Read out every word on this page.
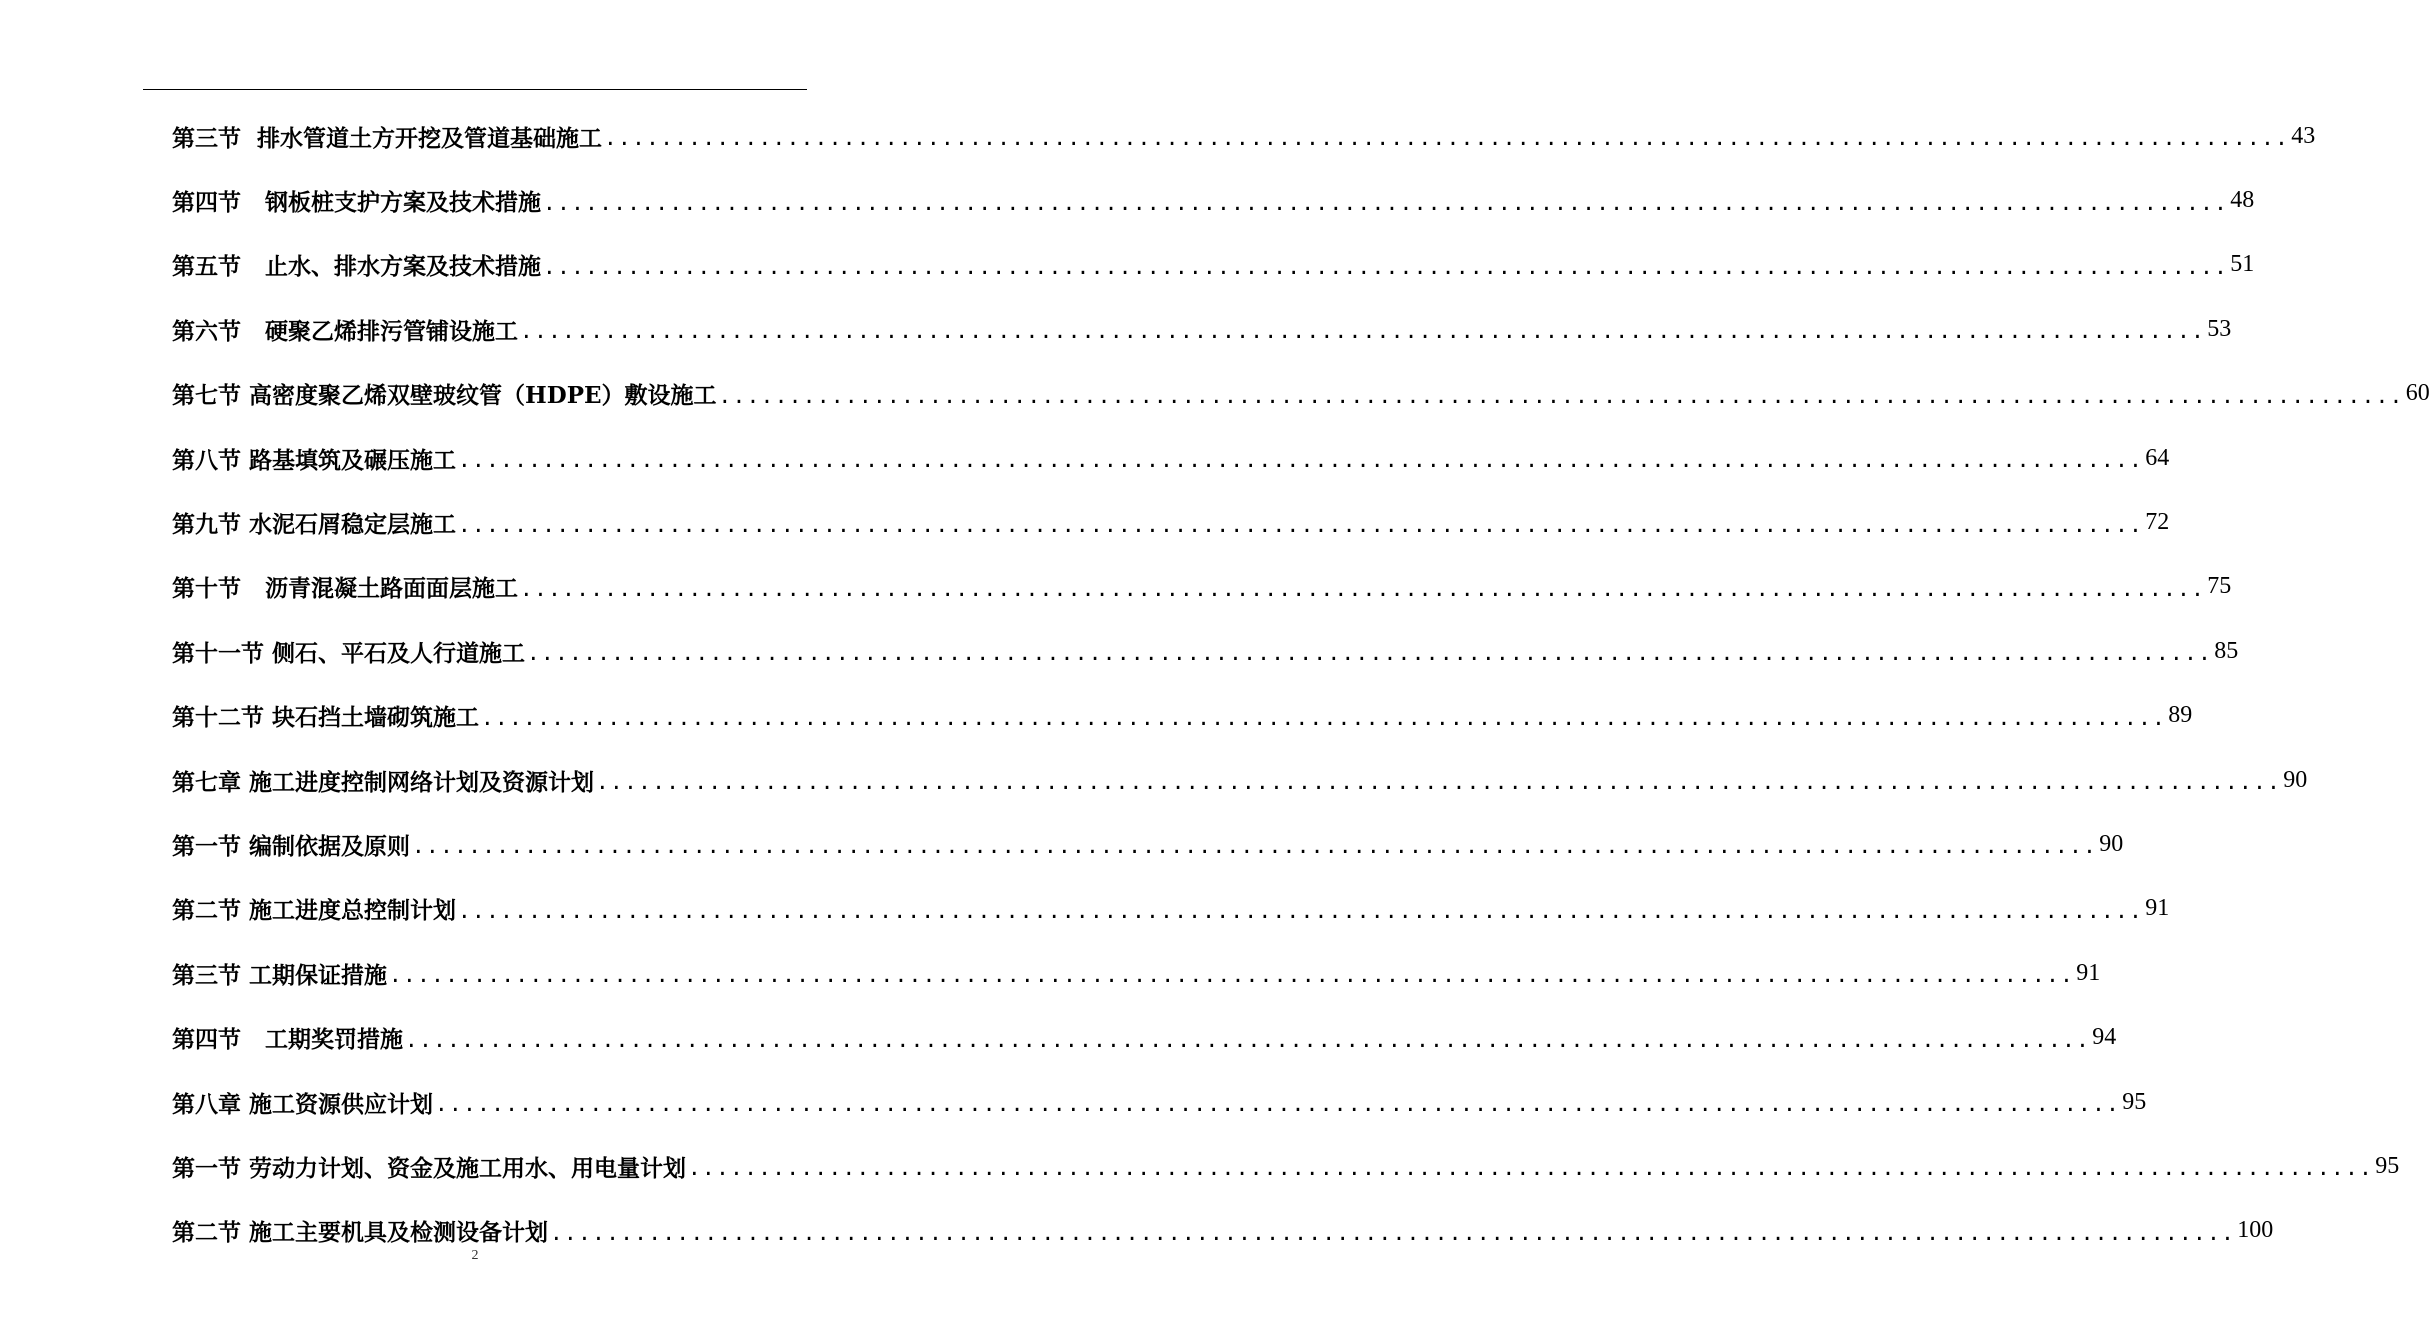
第三节
排水管道土方开挖及管道基础施工 ........................................................................................................................ 43
第四节
钢板桩支护方案及技术措施 ........................................................................................................................ 48
第五节
止水、排水方案及技术措施 ........................................................................................................................ 51
第六节
硬聚乙烯排污管铺设施工 ........................................................................................................................ 53
第七节
高密度聚乙烯双壁玻纹管（HDPE）敷设施工 ........................................................................................................................ 60
第八节
路基填筑及碾压施工 ........................................................................................................................ 64
第九节
水泥石屑稳定层施工 ........................................................................................................................ 72
第十节
沥青混凝土路面面层施工 ........................................................................................................................ 75
第十一节
侧石、平石及人行道施工 ........................................................................................................................ 85
第十二节
块石挡土墙砌筑施工 ........................................................................................................................ 89
第七章
施工进度控制网络计划及资源计划 ........................................................................................................................ 90
第一节
编制依据及原则 ........................................................................................................................ 90
第二节
施工进度总控制计划 ........................................................................................................................ 91
第三节
工期保证措施 ........................................................................................................................ 91
第四节
工期奖罚措施 ........................................................................................................................ 94
第八章
施工资源供应计划 ........................................................................................................................ 95
第一节
劳动力计划、资金及施工用水、用电量计划 ........................................................................................................................ 95
第二节
施工主要机具及检测设备计划 ........................................................................................................................ 100
2
